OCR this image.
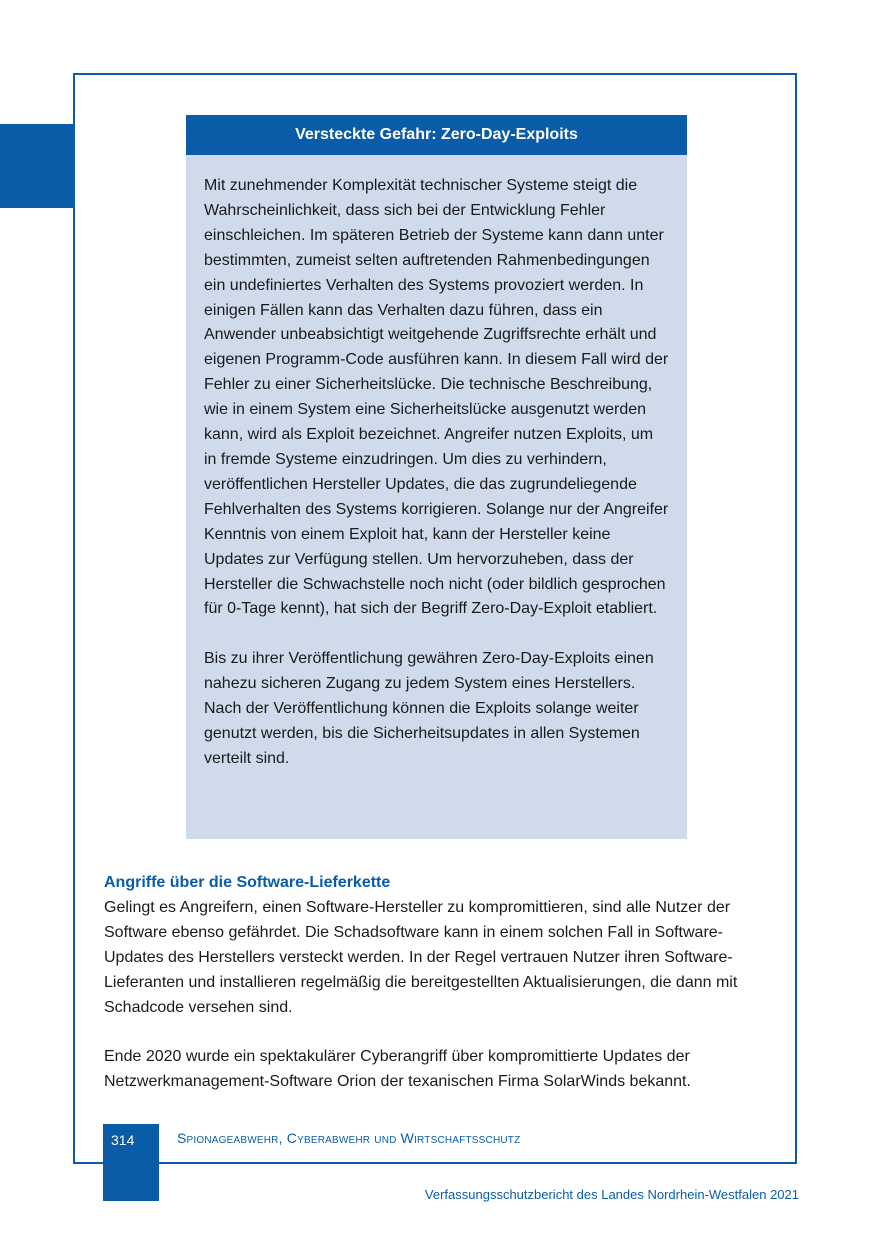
Versteckte Gefahr: Zero-Day-Exploits

Mit zunehmender Komplexität technischer Systeme steigt die Wahrscheinlichkeit, dass sich bei der Entwicklung Fehler einschleichen. Im späteren Betrieb der Systeme kann dann unter bestimmten, zumeist selten auftretenden Rahmenbedingungen ein undefiniertes Verhalten des Systems provoziert werden. In einigen Fällen kann das Verhalten dazu führen, dass ein Anwender unbeabsichtigt weitgehende Zugriffsrechte erhält und eigenen Programm-Code ausführen kann. In diesem Fall wird der Fehler zu einer Sicherheitslücke. Die technische Beschreibung, wie in einem System eine Sicherheitslücke ausgenutzt werden kann, wird als Exploit bezeichnet. Angreifer nutzen Exploits, um in fremde Systeme einzudringen. Um dies zu verhindern, veröffentlichen Hersteller Updates, die das zugrundeliegende Fehlverhalten des Systems korrigieren. Solange nur der Angreifer Kenntnis von einem Exploit hat, kann der Hersteller keine Updates zur Verfügung stellen. Um hervorzuheben, dass der Hersteller die Schwachstelle noch nicht (oder bildlich gesprochen für 0-Tage kennt), hat sich der Begriff Zero-Day-Exploit etabliert.

Bis zu ihrer Veröffentlichung gewähren Zero-Day-Exploits einen nahezu sicheren Zugang zu jedem System eines Herstellers. Nach der Veröffentlichung können die Exploits solange weiter genutzt werden, bis die Sicherheitsupdates in allen Systemen verteilt sind.

Angriffe über die Software-Lieferkette

Gelingt es Angreifern, einen Software-Hersteller zu kompromittieren, sind alle Nutzer der Software ebenso gefährdet. Die Schadsoftware kann in einem solchen Fall in Software-Updates des Herstellers versteckt werden. In der Regel vertrauen Nutzer ihren Software-Lieferanten und installieren regelmäßig die bereitgestellten Aktualisierungen, die dann mit Schadcode versehen sind.

Ende 2020 wurde ein spektakulärer Cyberangriff über kompromittierte Updates der Netzwerkmanagement-Software Orion der texanischen Firma SolarWinds bekannt.

314	Spionageabwehr, Cyberabwehr und Wirtschaftsschutz
Verfassungsschutzbericht des Landes Nordrhein-Westfalen 2021
